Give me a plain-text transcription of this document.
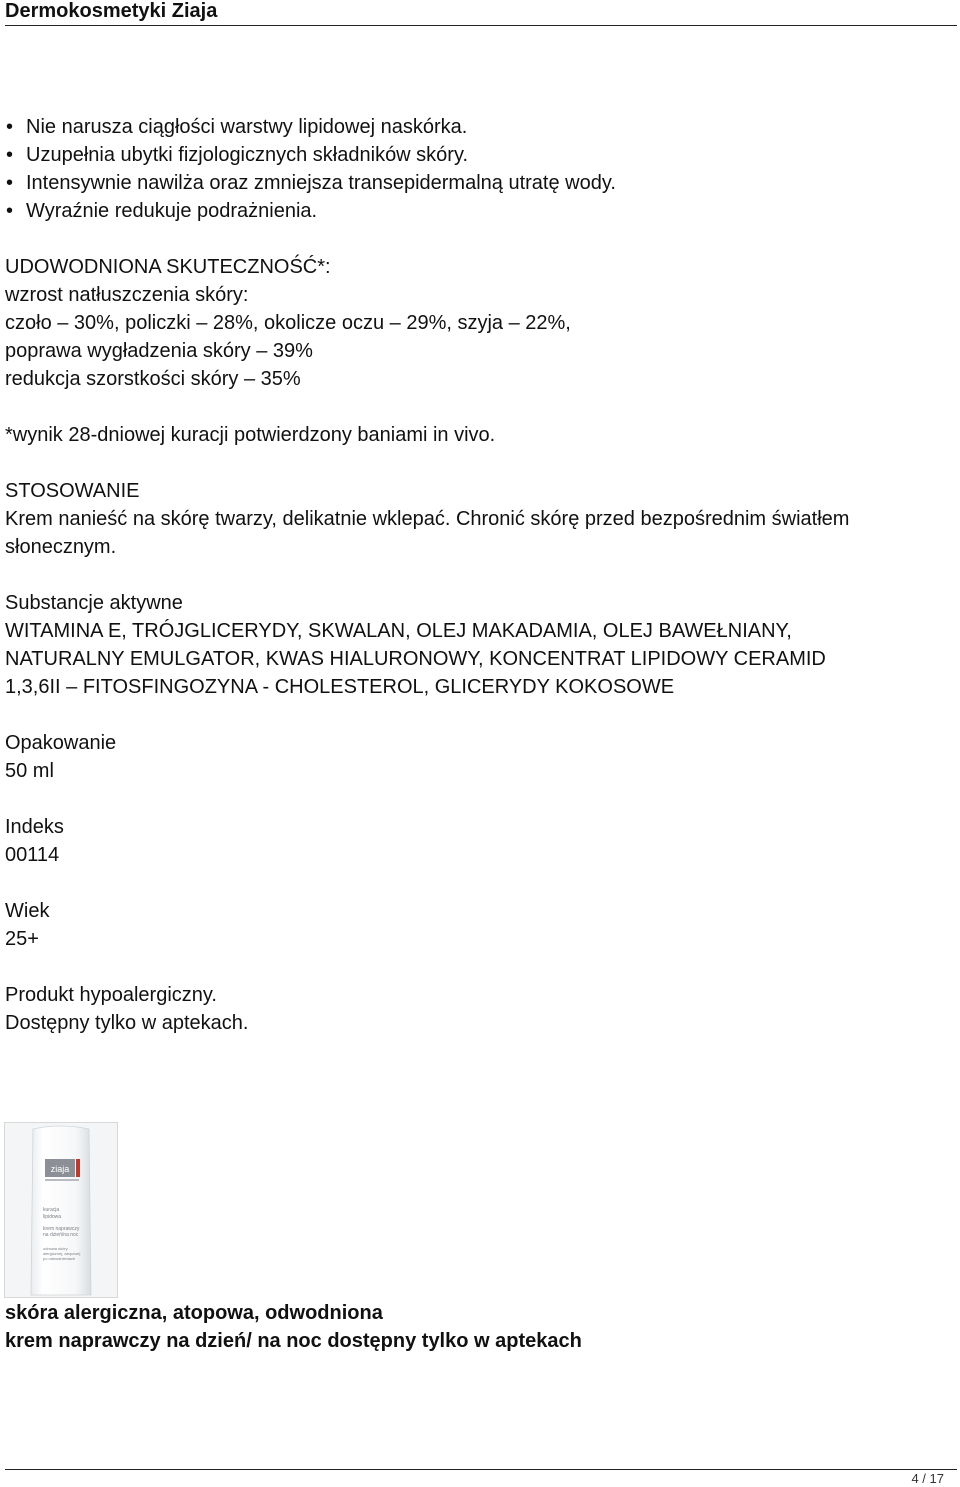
Dermokosmetyki Ziaja
• Nie narusza ciągłości warstwy lipidowej naskórka.
• Uzupełnia ubytki fizjologicznych składników skóry.
• Intensywnie nawilża oraz zmniejsza transepidermalną utratę wody.
• Wyraźnie redukuje podrażnienia.
UDOWODNIONA SKUTECZNOŚĆ*:
wzrost natłuszczenia skóry:
czoło – 30%, policzki – 28%, okolicze oczu – 29%, szyja – 22%,
poprawa wygładzenia skóry – 39%
redukcja szorstkości skóry – 35%
*wynik 28-dniowej kuracji potwierdzony baniami in vivo.
STOSOWANIE
Krem nanieść na skórę twarzy, delikatnie wklepać. Chronić skórę przed bezpośrednim światłem słonecznym.
Substancje aktywne
WITAMINA E, TRÓJGLICERYDY, SKWALAN, OLEJ MAKADAMIA, OLEJ BAWEŁNIANY,
NATURALNY EMULGATOR, KWAS HIALURONOWY, KONCENTRAT LIPIDOWY CERAMID
1,3,6II – FITOSFINGOZYNA - CHOLESTEROL, GLICERYDY KOKOSOWE
Opakowanie
50 ml
Indeks
00114
Wiek
25+
Produkt hypoalergiczny.
Dostępny tylko w aptekach.
ziaja
kuracja
lipidowa
krem naprawczy
na dzień/na noc
odnowa skóry
alergicznej, atopowej
po odwodnieniach
skóra alergiczna, atopowa, odwodniona
krem naprawczy na dzień/ na noc dostępny tylko w aptekach
4 / 17
